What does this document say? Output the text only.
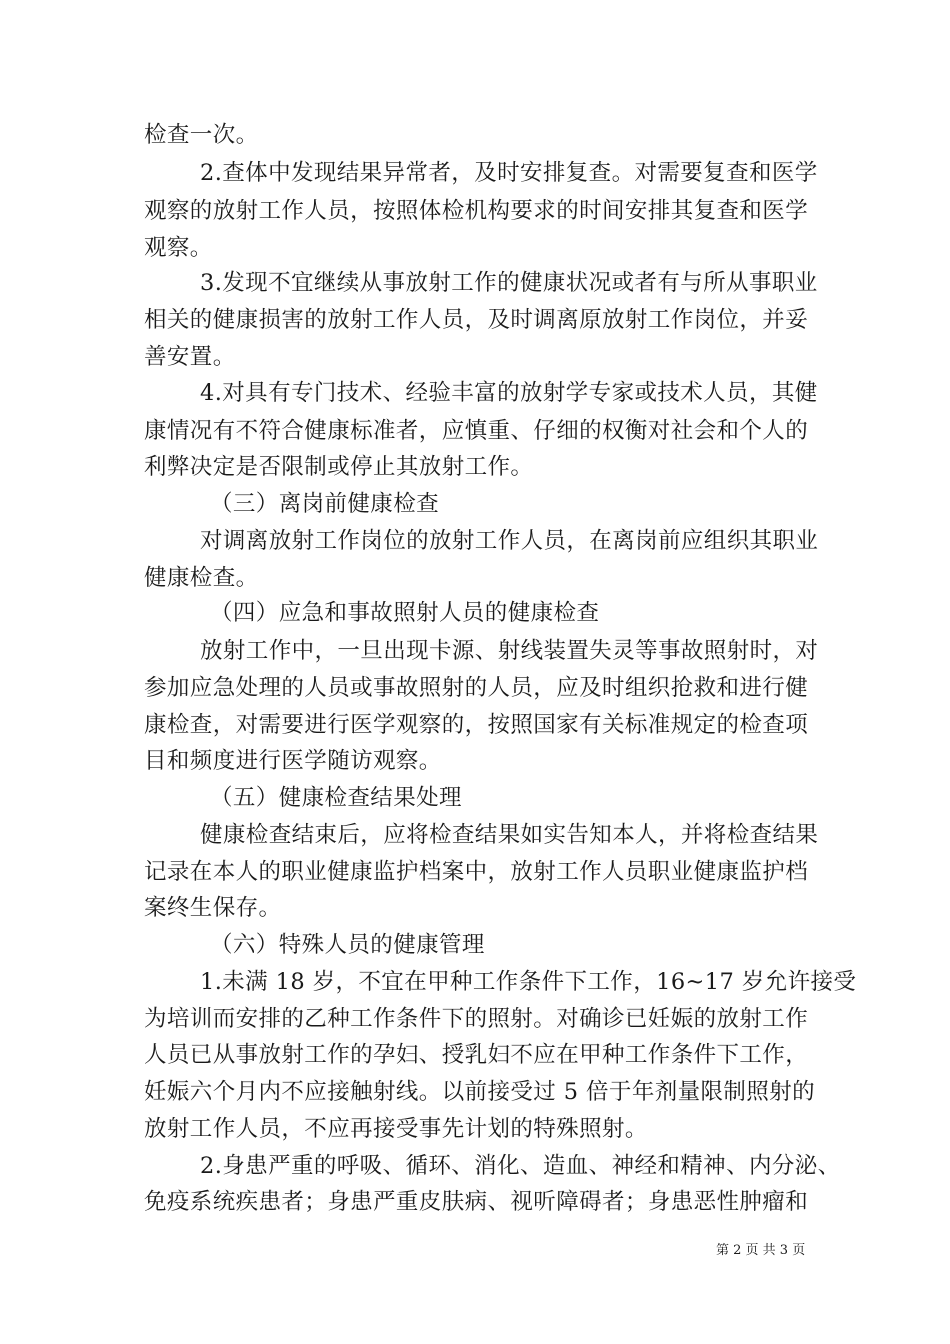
检查一次。
2.查体中发现结果异常者，及时安排复查。对需要复查和医学
观察的放射工作人员，按照体检机构要求的时间安排其复查和医学
观察。
3.发现不宜继续从事放射工作的健康状况或者有与所从事职业
相关的健康损害的放射工作人员，及时调离原放射工作岗位，并妥
善安置。
4.对具有专门技术、经验丰富的放射学专家或技术人员，其健
康情况有不符合健康标准者，应慎重、仔细的权衡对社会和个人的
利弊决定是否限制或停止其放射工作。
（三）离岗前健康检查
对调离放射工作岗位的放射工作人员，在离岗前应组织其职业
健康检查。
（四）应急和事故照射人员的健康检查
放射工作中，一旦出现卡源、射线装置失灵等事故照射时，对
参加应急处理的人员或事故照射的人员，应及时组织抢救和进行健
康检查，对需要进行医学观察的，按照国家有关标准规定的检查项
目和频度进行医学随访观察。
（五）健康检查结果处理
健康检查结束后，应将检查结果如实告知本人，并将检查结果
记录在本人的职业健康监护档案中，放射工作人员职业健康监护档
案终生保存。
（六）特殊人员的健康管理
1.未满 18 岁，不宜在甲种工作条件下工作，16~17 岁允许接受
为培训而安排的乙种工作条件下的照射。对确诊已妊娠的放射工作
人员已从事放射工作的孕妇、授乳妇不应在甲种工作条件下工作，
妊娠六个月内不应接触射线。以前接受过 5 倍于年剂量限制照射的
放射工作人员，不应再接受事先计划的特殊照射。
2.身患严重的呼吸、循环、消化、造血、神经和精神、内分泌、
免疫系统疾患者；身患严重皮肤病、视听障碍者；身患恶性肿瘤和
第 2 页 共 3 页
